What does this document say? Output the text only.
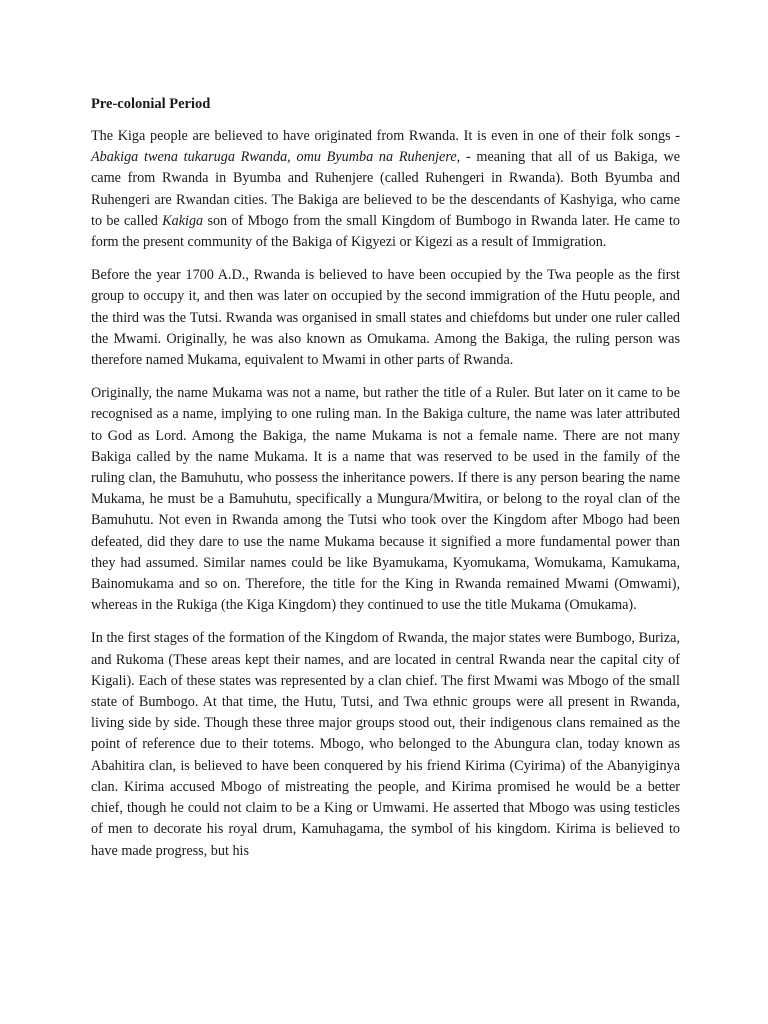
Pre-colonial Period

The Kiga people are believed to have originated from Rwanda. It is even in one of their folk songs - Abakiga twena tukaruga Rwanda, omu Byumba na Ruhenjere, - meaning that all of us Bakiga, we came from Rwanda in Byumba and Ruhenjere (called Ruhengeri in Rwanda). Both Byumba and Ruhengeri are Rwandan cities. The Bakiga are believed to be the descendants of Kashyiga, who came to be called Kakiga son of Mbogo from the small Kingdom of Bumbogo in Rwanda later. He came to form the present community of the Bakiga of Kigyezi or Kigezi as a result of Immigration.

Before the year 1700 A.D., Rwanda is believed to have been occupied by the Twa people as the first group to occupy it, and then was later on occupied by the second immigration of the Hutu people, and the third was the Tutsi. Rwanda was organised in small states and chiefdoms but under one ruler called the Mwami. Originally, he was also known as Omukama. Among the Bakiga, the ruling person was therefore named Mukama, equivalent to Mwami in other parts of Rwanda.

Originally, the name Mukama was not a name, but rather the title of a Ruler. But later on it came to be recognised as a name, implying to one ruling man. In the Bakiga culture, the name was later attributed to God as Lord. Among the Bakiga, the name Mukama is not a female name. There are not many Bakiga called by the name Mukama. It is a name that was reserved to be used in the family of the ruling clan, the Bamuhutu, who possess the inheritance powers. If there is any person bearing the name Mukama, he must be a Bamuhutu, specifically a Mungura/Mwitira, or belong to the royal clan of the Bamuhutu. Not even in Rwanda among the Tutsi who took over the Kingdom after Mbogo had been defeated, did they dare to use the name Mukama because it signified a more fundamental power than they had assumed. Similar names could be like Byamukama, Kyomukama, Womukama, Kamukama, Bainomukama and so on. Therefore, the title for the King in Rwanda remained Mwami (Omwami), whereas in the Rukiga (the Kiga Kingdom) they continued to use the title Mukama (Omukama).

In the first stages of the formation of the Kingdom of Rwanda, the major states were Bumbogo, Buriza, and Rukoma (These areas kept their names, and are located in central Rwanda near the capital city of Kigali). Each of these states was represented by a clan chief. The first Mwami was Mbogo of the small state of Bumbogo. At that time, the Hutu, Tutsi, and Twa ethnic groups were all present in Rwanda, living side by side. Though these three major groups stood out, their indigenous clans remained as the point of reference due to their totems. Mbogo, who belonged to the Abungura clan, today known as Abahitira clan, is believed to have been conquered by his friend Kirima (Cyirima) of the Abanyiginya clan. Kirima accused Mbogo of mistreating the people, and Kirima promised he would be a better chief, though he could not claim to be a King or Umwami. He asserted that Mbogo was using testicles of men to decorate his royal drum, Kamuhagama, the symbol of his kingdom. Kirima is believed to have made progress, but his
